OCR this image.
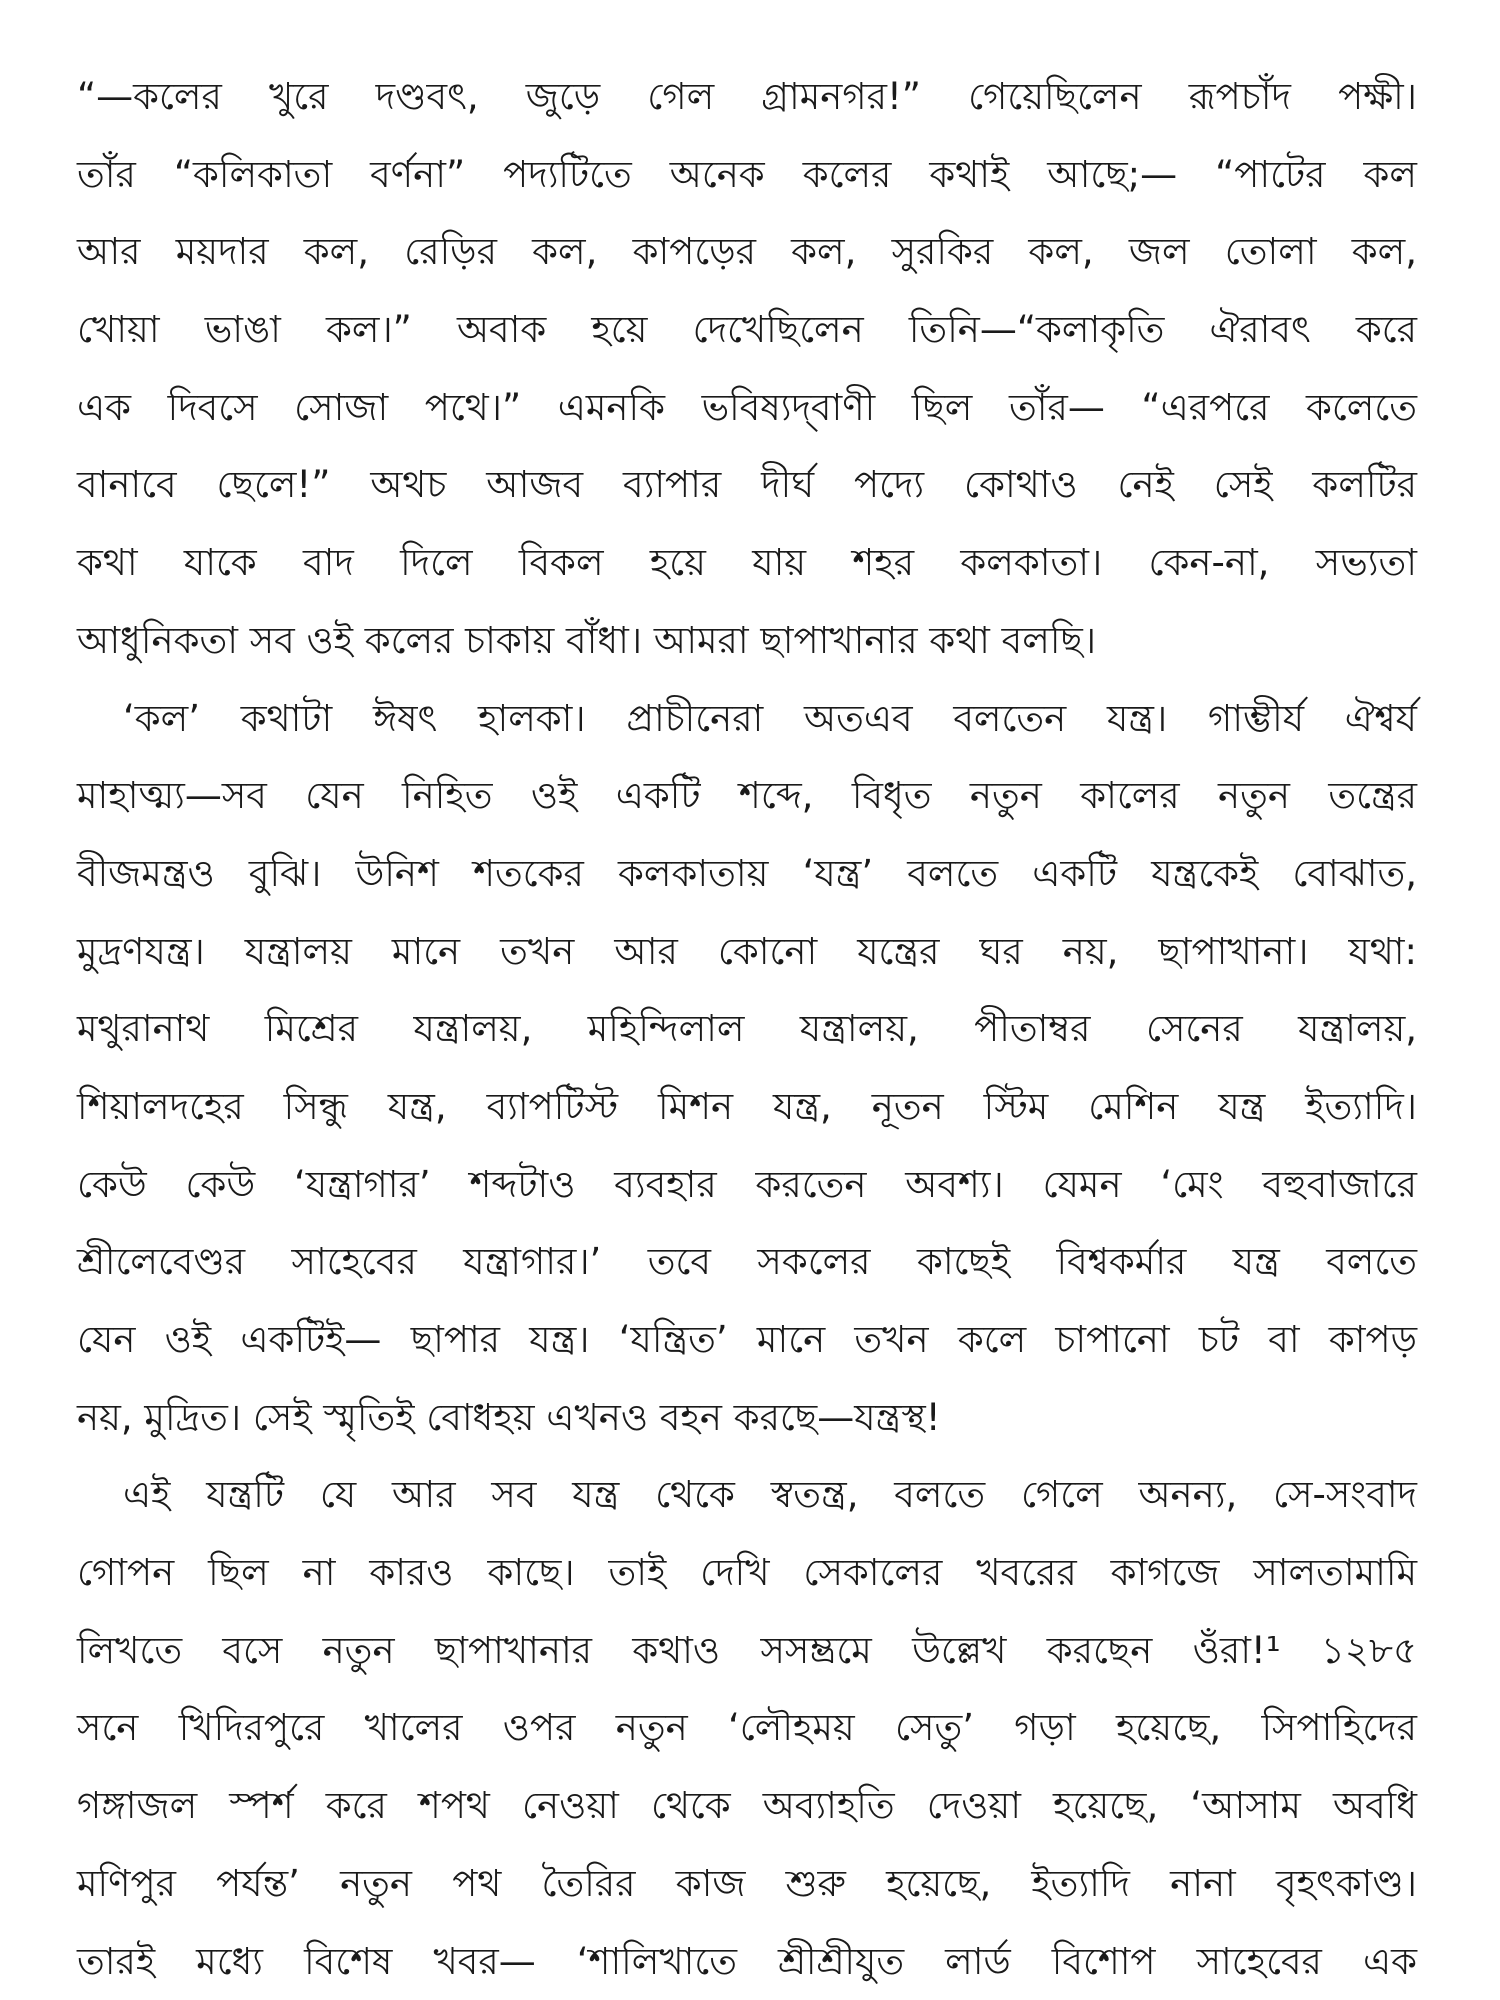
“—কলের খুরে দণ্ডবৎ, জুড়ে গেল গ্রামনগর!” গেয়েছিলেন রূপচাঁদ পক্ষী।
তাঁর “কলিকাতা বর্ণনা” পদ্যটিতে অনেক কলের কথাই আছে;— “পাটের কল
আর ময়দার কল, রেড়ির কল, কাপড়ের কল, সুরকির কল, জল তোলা কল,
খোয়া ভাঙা কল।” অবাক হয়ে দেখেছিলেন তিনি—“কলাকৃতি ঐরাবৎ করে
এক দিবসে সোজা পথে।” এমনকি ভবিষ্যদ্‌বাণী ছিল তাঁর— “এরপরে কলেতে
বানাবে ছেলে!” অথচ আজব ব্যাপার দীর্ঘ পদ্যে কোথাও নেই সেই কলটির
কথা যাকে বাদ দিলে বিকল হয়ে যায় শহর কলকাতা। কেন-না, সভ্যতা
আধুনিকতা সব ওই কলের চাকায় বাঁধা। আমরা ছাপাখানার কথা বলছি।
‘কল’ কথাটা ঈষৎ হালকা। প্রাচীনেরা অতএব বলতেন যন্ত্র। গাম্ভীর্য ঐশ্বর্য
মাহাত্ম্য—সব যেন নিহিত ওই একটি শব্দে, বিধৃত নতুন কালের নতুন তন্ত্রের
বীজমন্ত্রও বুঝি। উনিশ শতকের কলকাতায় ‘যন্ত্র’ বলতে একটি যন্ত্রকেই বোঝাত,
মুদ্রণযন্ত্র। যন্ত্রালয় মানে তখন আর কোনো যন্ত্রের ঘর নয়, ছাপাখানা। যথা:
মথুরানাথ মিশ্রের যন্ত্রালয়, মহিন্দিলাল যন্ত্রালয়, পীতাম্বর সেনের যন্ত্রালয়,
শিয়ালদহের সিন্ধু যন্ত্র, ব্যাপটিস্ট মিশন যন্ত্র, নূতন স্টিম মেশিন যন্ত্র ইত্যাদি।
কেউ কেউ ‘যন্ত্রাগার’ শব্দটাও ব্যবহার করতেন অবশ্য। যেমন ‘মেং বহুবাজারে
শ্রীলেবেণ্ডর সাহেবের যন্ত্রাগার।’ তবে সকলের কাছেই বিশ্বকর্মার যন্ত্র বলতে
যেন ওই একটিই— ছাপার যন্ত্র। ‘যন্ত্রিত’ মানে তখন কলে চাপানো চট বা কাপড়
নয়, মুদ্রিত। সেই স্মৃতিই বোধহয় এখনও বহন করছে—যন্ত্রস্থ!
এই যন্ত্রটি যে আর সব যন্ত্র থেকে স্বতন্ত্র, বলতে গেলে অনন্য, সে-সংবাদ
গোপন ছিল না কারও কাছে। তাই দেখি সেকালের খবরের কাগজে সালতামামি
লিখতে বসে নতুন ছাপাখানার কথাও সসম্ভ্রমে উল্লেখ করছেন ওঁরা!¹ ১২৮৫
সনে খিদিরপুরে খালের ওপর নতুন ‘লৌহময় সেতু’ গড়া হয়েছে, সিপাহিদের
গঙ্গাজল স্পর্শ করে শপথ নেওয়া থেকে অব্যাহতি দেওয়া হয়েছে, ‘আসাম অবধি
মণিপুর পর্যন্ত’ নতুন পথ তৈরির কাজ শুরু হয়েছে, ইত্যাদি নানা বৃহৎকাণ্ড।
তারই মধ্যে বিশেষ খবর— ‘শালিখাতে শ্রীশ্রীযুত লার্ড বিশোপ সাহেবের এক
